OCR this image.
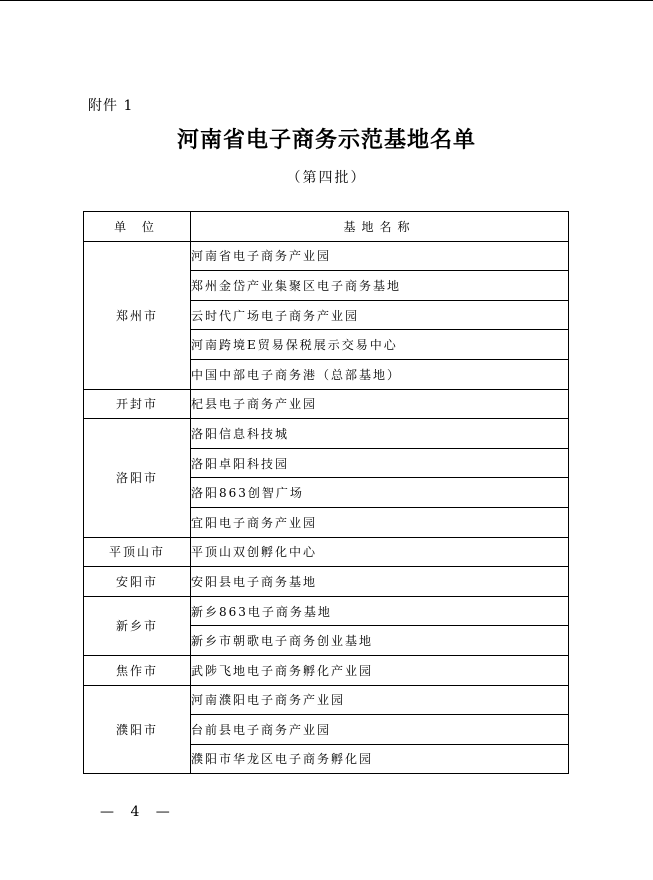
附件 1
河南省电子商务示范基地名单
（第四批）
单 位	基地名称
郑州市	河南省电子商务产业园
	郑州金岱产业集聚区电子商务基地
	云时代广场电子商务产业园
	河南跨境E贸易保税展示交易中心
	中国中部电子商务港（总部基地）
开封市	杞县电子商务产业园
洛阳市	洛阳信息科技城
	洛阳卓阳科技园
	洛阳863创智广场
	宜阳电子商务产业园
平顶山市	平顶山双创孵化中心
安阳市	安阳县电子商务基地
新乡市	新乡863电子商务基地
	新乡市朝歌电子商务创业基地
焦作市	武陟飞地电子商务孵化产业园
濮阳市	河南濮阳电子商务产业园
	台前县电子商务产业园
	濮阳市华龙区电子商务孵化园
— 4 —
